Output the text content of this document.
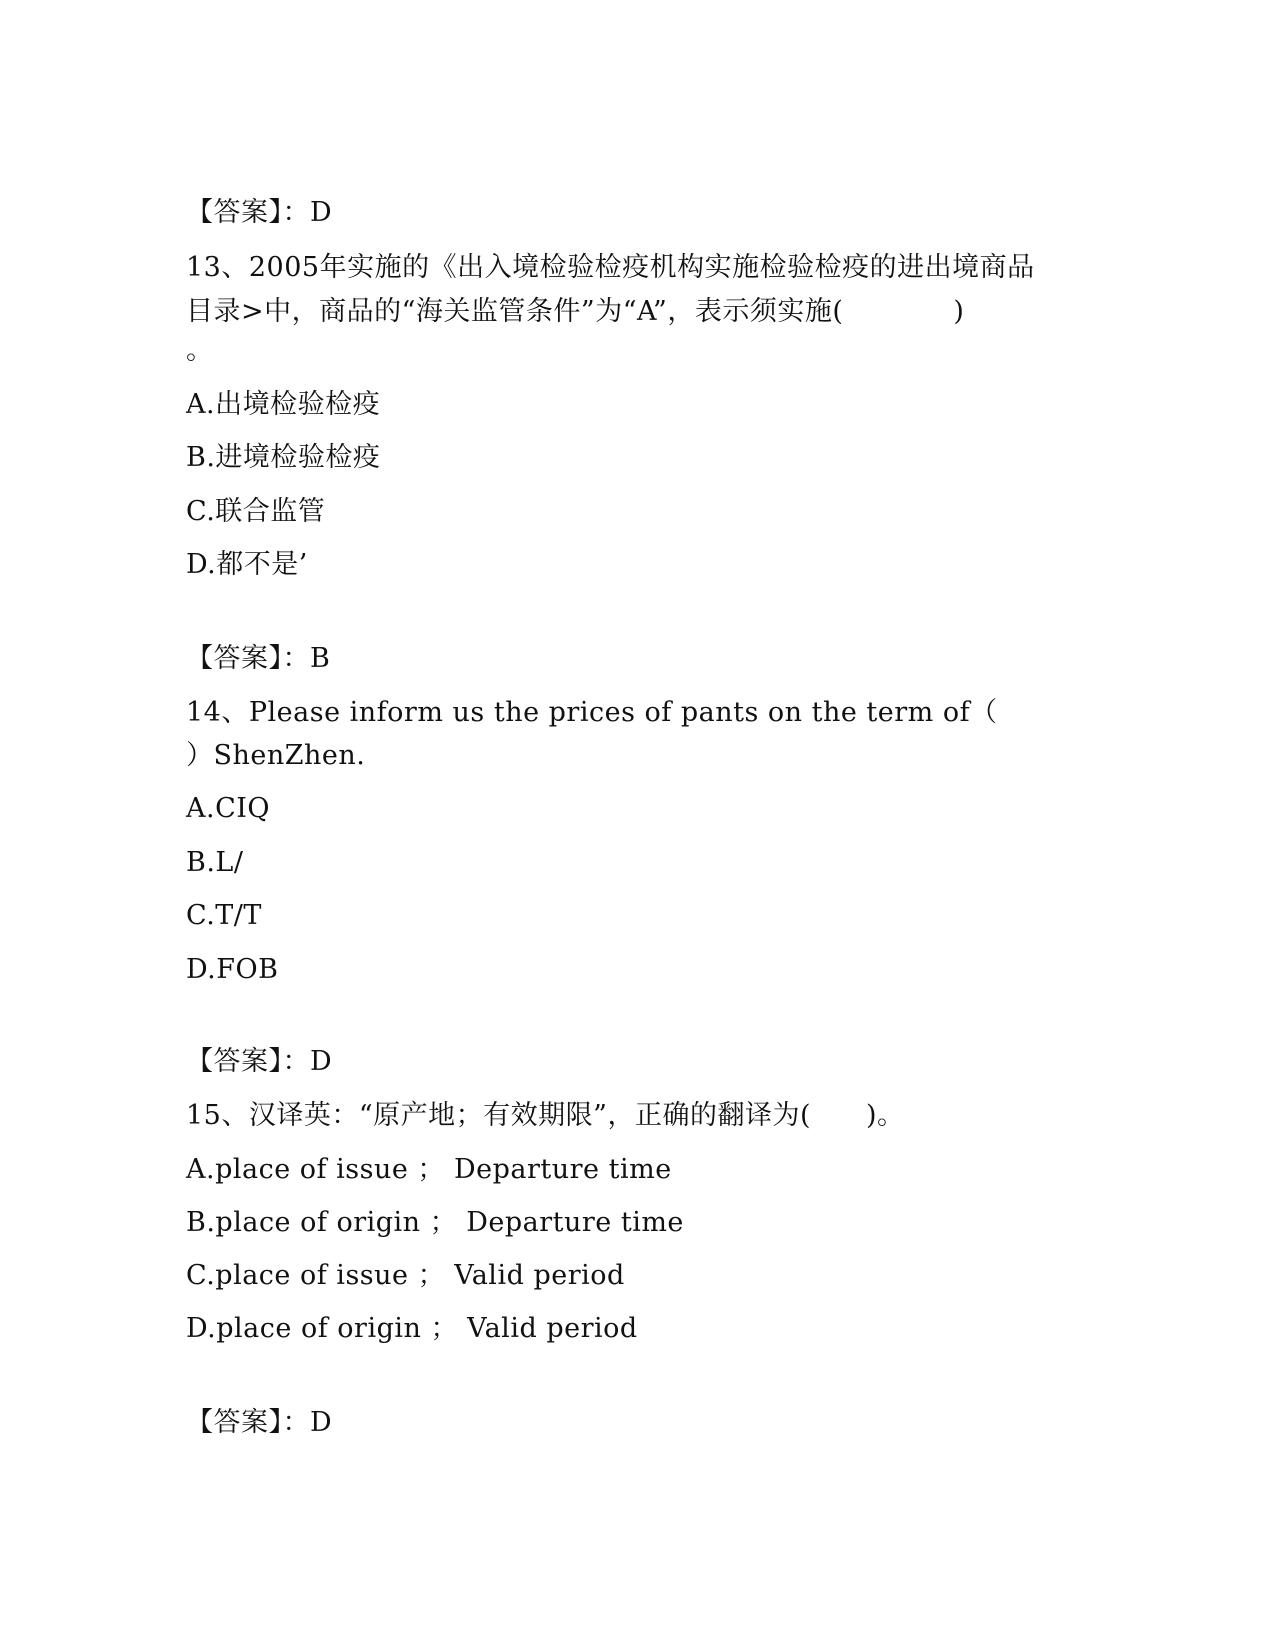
【答案】：D
13、2005年实施的《出入境检验检疫机构实施检验检疫的进出境商品
目录>中，商品的“海关监管条件”为“A”，表示须实施(　　　　)
。
A.出境检验检疫
B.进境检验检疫
C.联合监管
D.都不是’
【答案】：B
14、Please inform us the prices of pants on the term of（
）ShenZhen.
A.CIQ
B.L/
C.T/T
D.FOB
【答案】：D
15、汉译英：“原产地；有效期限”，正确的翻译为(　　)。
A.place of issue ； Departure time
B.place of origin ； Departure time
C.place of issue ； Valid period
D.place of origin ； Valid period
【答案】：D
